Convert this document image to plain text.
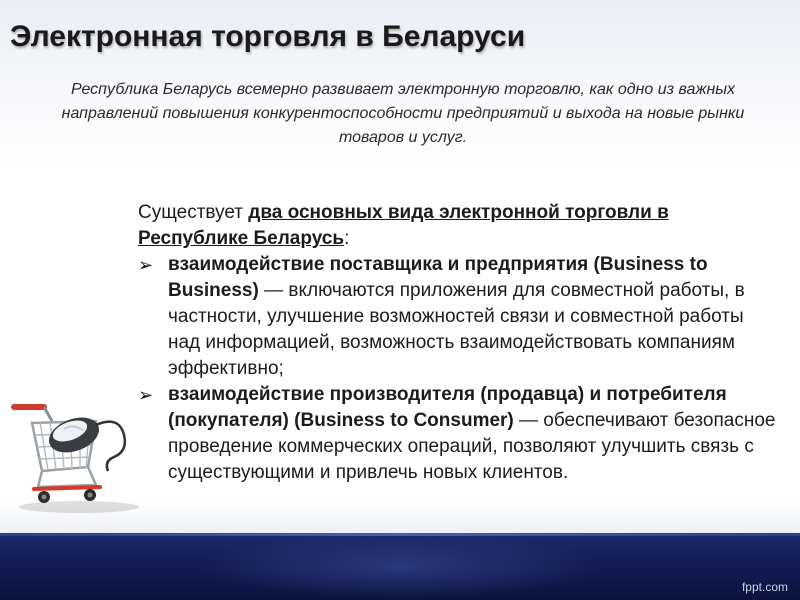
Электронная торговля в Беларуси

Республика Беларусь всемерно развивает электронную торговлю, как одно из важных направлений повышения конкурентоспособности предприятий и выхода на новые рынки товаров и услуг.

Существует два основных вида электронной торговли в Республике Беларусь:

➢ взаимодействие поставщика и предприятия (Business to Business) — включаются приложения для совместной работы, в частности, улучшение возможностей связи и совместной работы над информацией, возможность взаимодействовать компаниям эффективно;
➢ взаимодействие производителя (продавца) и потребителя (покупателя) (Business to Consumer) — обеспечивают безопасное проведение коммерческих операций, позволяют улучшить связь с существующими и привлечь новых клиентов.
fppt.com
